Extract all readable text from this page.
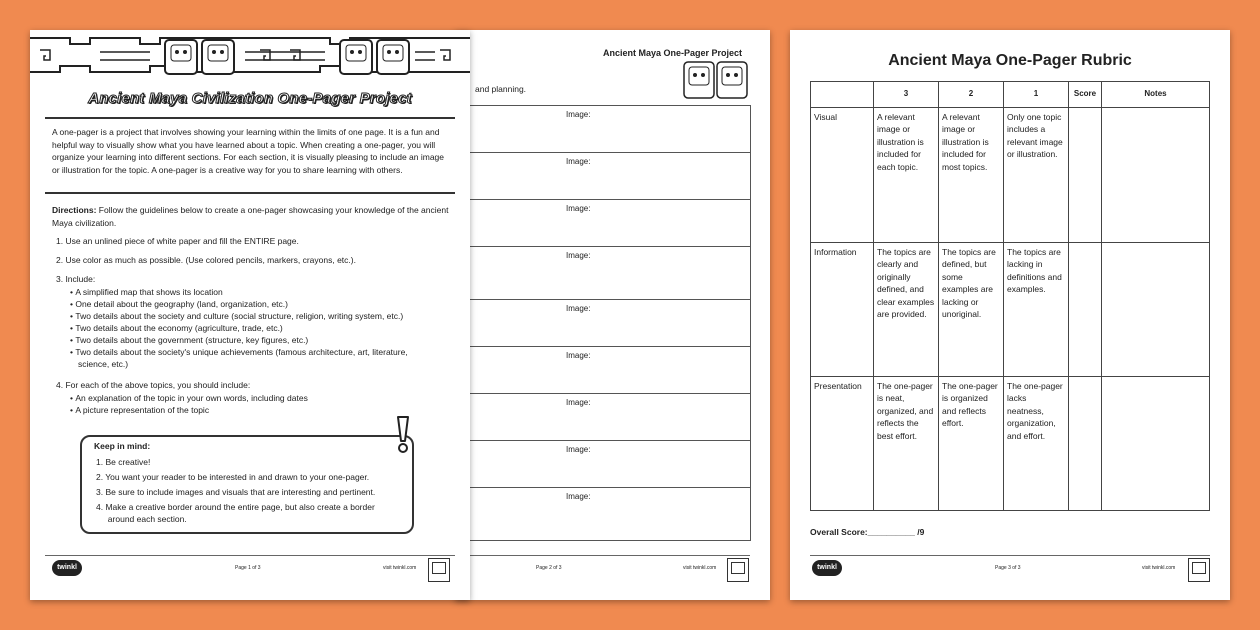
Ancient Maya One-Pager Rubric
	3	2	1	Score	Notes
Visual	A relevant image or illustration is included for each topic.	A relevant image or illustration is included for most topics.	Only one topic includes a relevant image or illustration.		
Information	The topics are clearly and originally defined, and clear examples are provided.	The topics are defined, but some examples are lacking or unoriginal.	The topics are lacking in definitions and examples.		
Presentation	The one-pager is neat, organized, and reflects the best effort.	The one-pager is organized and reflects effort.	The one-pager lacks neatness, organization, and effort.		
Overall Score:__________ /9
twinkl	Page 3 of 3	visit twinkl.com
Ancient Maya One-Pager Project
and planning.
Image:
Image:
Image:
Image:
Image:
Image:
Image:
Image:
Image:
Page 2 of 3	visit twinkl.com
Ancient Maya Civilization One-Pager Project
A one-pager is a project that involves showing your learning within the limits of one page. It is a fun and helpful way to visually show what you have learned about a topic. When creating a one-pager, you will organize your learning into different sections. For each section, it is visually pleasing to include an image or illustration for the topic. A one-pager is a creative way for you to share learning with others.
Directions: Follow the guidelines below to create a one-pager showcasing your knowledge of the ancient Maya civilization.
1. Use an unlined piece of white paper and fill the ENTIRE page.
2. Use color as much as possible. (Use colored pencils, markers, crayons, etc.).
3. Include:
• A simplified map that shows its location
• One detail about the geography (land, organization, etc.)
• Two details about the society and culture (social structure, religion, writing system, etc.)
• Two details about the economy (agriculture, trade, etc.)
• Two details about the government (structure, key figures, etc.)
• Two details about the society's unique achievements (famous architecture, art, literature,
science, etc.)
4. For each of the above topics, you should include:
• An explanation of the topic in your own words, including dates
• A picture representation of the topic
Keep in mind:
1. Be creative!
2. You want your reader to be interested in and drawn to your one-pager.
3. Be sure to include images and visuals that are interesting and pertinent.
4. Make a creative border around the entire page, but also create a border
around each section.
twinkl	Page 1 of 3	visit twinkl.com
